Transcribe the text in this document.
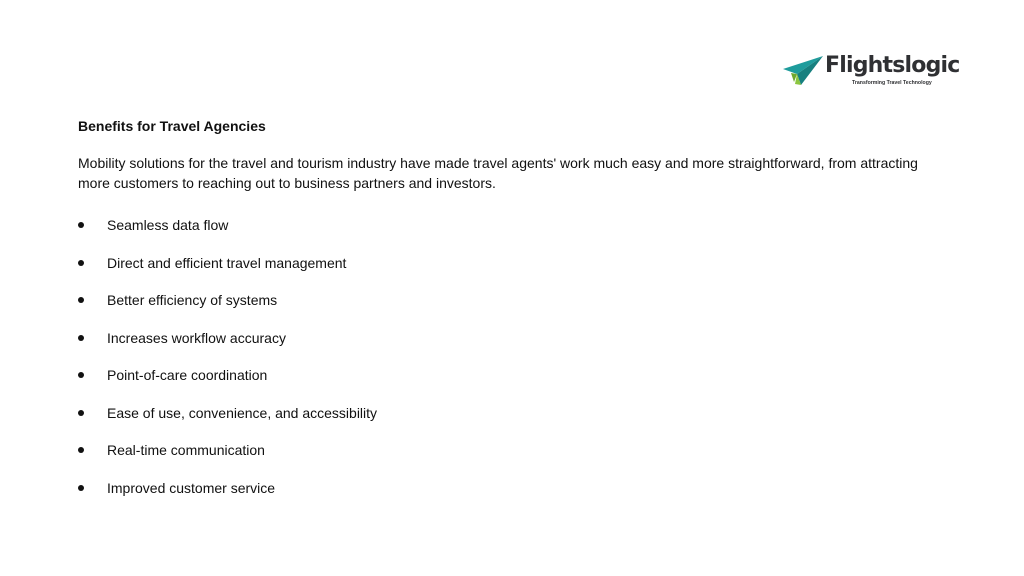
Flightslogic
Transforming Travel Technology
Benefits for Travel Agencies
Mobility solutions for the travel and tourism industry have made travel agents' work much easy and more straightforward, from attracting more customers to reaching out to business partners and investors.
Seamless data flow
Direct and efficient travel management
Better efficiency of systems
Increases workflow accuracy
Point-of-care coordination
Ease of use, convenience, and accessibility
Real-time communication
Improved customer service
